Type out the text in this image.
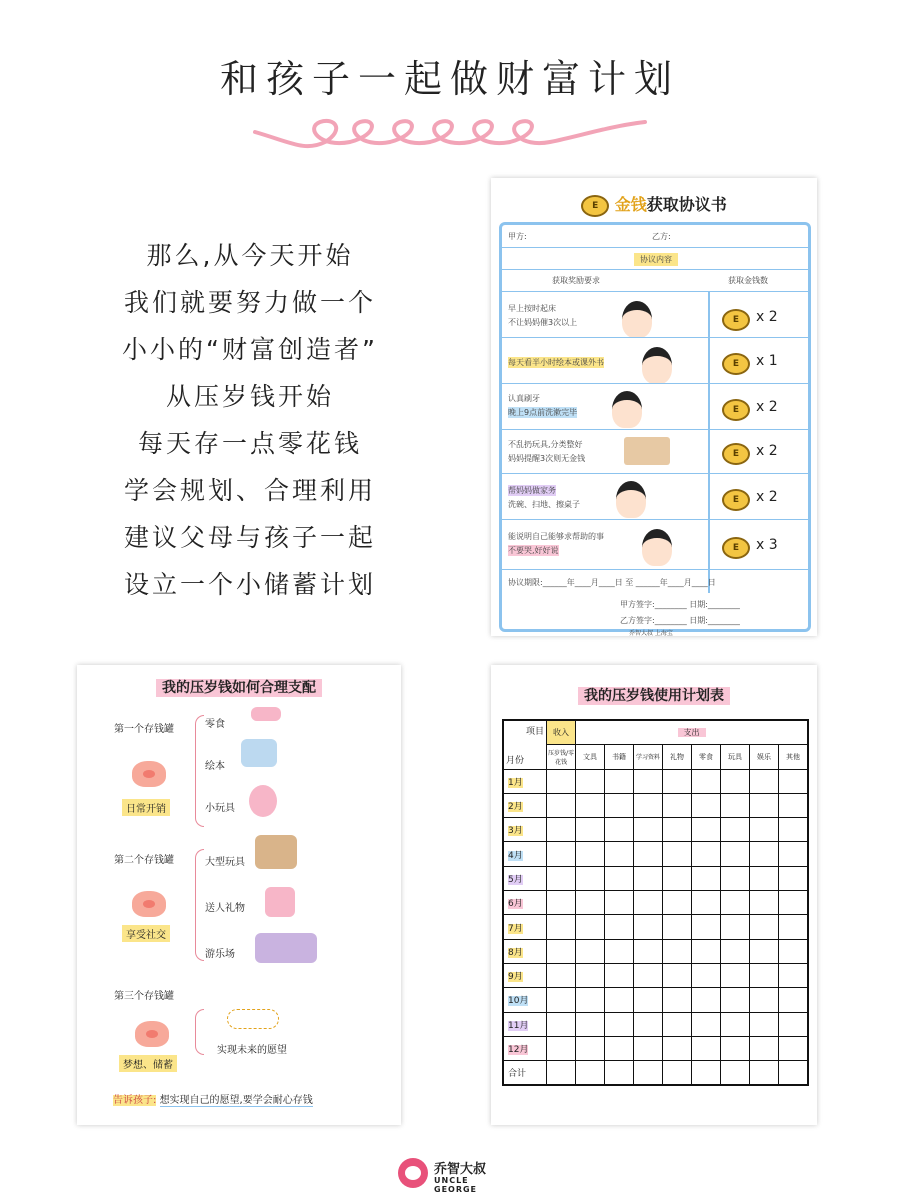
和孩子一起做财富计划
那么,从今天开始
我们就要努力做一个
小小的“财富创造者”
从压岁钱开始
每天存一点零花钱
学会规划、合理利用
建议父母与孩子一起
设立一个小储蓄计划
E 金钱获取协议书
甲方:	乙方:
协议内容
获取奖励要求	获取金钱数
早上按时起床
不让妈妈催3次以上	E	x 2
每天看半小时绘本或课外书	E	x 1
认真刷牙
晚上9点前洗漱完毕	E	x 2
不乱扔玩具,分类整好
妈妈提醒3次则无金钱	E	x 2
帮妈妈做家务
洗碗、扫地、擦桌子	E	x 2
能说明自己能够求帮助的事
不要哭,好好说	E	x 3
协议期限:______年____月____日 至 ______年____月____日
甲方签字:________ 日期:________
乙方签字:________ 日期:________
乔智大叔 上海宝
我的压岁钱如何合理支配
第一个存钱罐
日常开销
零食
绘本
小玩具
第二个存钱罐
享受社交
大型玩具
送人礼物
游乐场
第三个存钱罐
梦想、储蓄
实现未来的愿望
告诉孩子: 想实现自己的愿望,要学会耐心存钱
我的压岁钱使用计划表
项目
月份	收入	支出							
	压岁钱/零花钱	文具	书籍	学习资料	礼物	零食	玩具	娱乐	其他
1月									
2月									
3月									
4月									
5月									
6月									
7月									
8月									
9月									
10月									
11月									
12月									
合计									
乔智大叔
UNCLE GEORGE
